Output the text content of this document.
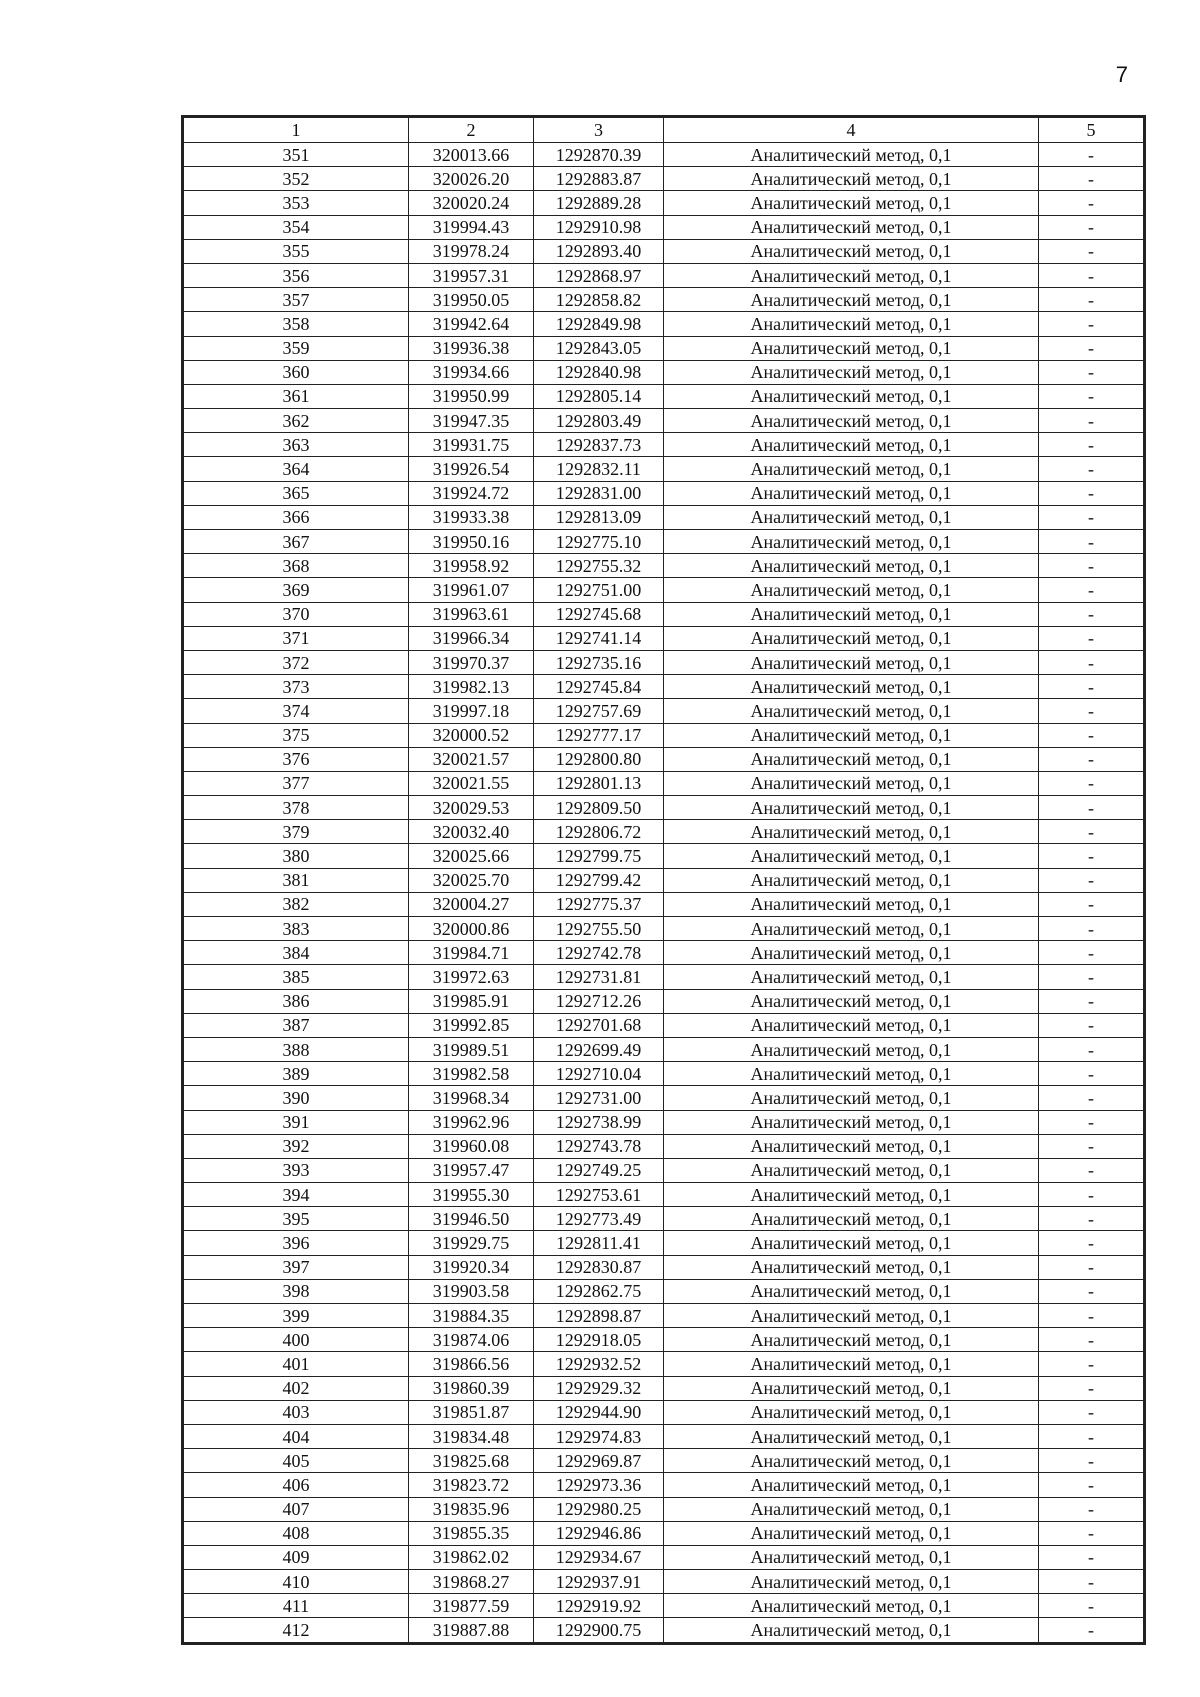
7
1	2	3	4	5
351	320013.66	1292870.39	Аналитический метод, 0,1	-
352	320026.20	1292883.87	Аналитический метод, 0,1	-
353	320020.24	1292889.28	Аналитический метод, 0,1	-
354	319994.43	1292910.98	Аналитический метод, 0,1	-
355	319978.24	1292893.40	Аналитический метод, 0,1	-
356	319957.31	1292868.97	Аналитический метод, 0,1	-
357	319950.05	1292858.82	Аналитический метод, 0,1	-
358	319942.64	1292849.98	Аналитический метод, 0,1	-
359	319936.38	1292843.05	Аналитический метод, 0,1	-
360	319934.66	1292840.98	Аналитический метод, 0,1	-
361	319950.99	1292805.14	Аналитический метод, 0,1	-
362	319947.35	1292803.49	Аналитический метод, 0,1	-
363	319931.75	1292837.73	Аналитический метод, 0,1	-
364	319926.54	1292832.11	Аналитический метод, 0,1	-
365	319924.72	1292831.00	Аналитический метод, 0,1	-
366	319933.38	1292813.09	Аналитический метод, 0,1	-
367	319950.16	1292775.10	Аналитический метод, 0,1	-
368	319958.92	1292755.32	Аналитический метод, 0,1	-
369	319961.07	1292751.00	Аналитический метод, 0,1	-
370	319963.61	1292745.68	Аналитический метод, 0,1	-
371	319966.34	1292741.14	Аналитический метод, 0,1	-
372	319970.37	1292735.16	Аналитический метод, 0,1	-
373	319982.13	1292745.84	Аналитический метод, 0,1	-
374	319997.18	1292757.69	Аналитический метод, 0,1	-
375	320000.52	1292777.17	Аналитический метод, 0,1	-
376	320021.57	1292800.80	Аналитический метод, 0,1	-
377	320021.55	1292801.13	Аналитический метод, 0,1	-
378	320029.53	1292809.50	Аналитический метод, 0,1	-
379	320032.40	1292806.72	Аналитический метод, 0,1	-
380	320025.66	1292799.75	Аналитический метод, 0,1	-
381	320025.70	1292799.42	Аналитический метод, 0,1	-
382	320004.27	1292775.37	Аналитический метод, 0,1	-
383	320000.86	1292755.50	Аналитический метод, 0,1	-
384	319984.71	1292742.78	Аналитический метод, 0,1	-
385	319972.63	1292731.81	Аналитический метод, 0,1	-
386	319985.91	1292712.26	Аналитический метод, 0,1	-
387	319992.85	1292701.68	Аналитический метод, 0,1	-
388	319989.51	1292699.49	Аналитический метод, 0,1	-
389	319982.58	1292710.04	Аналитический метод, 0,1	-
390	319968.34	1292731.00	Аналитический метод, 0,1	-
391	319962.96	1292738.99	Аналитический метод, 0,1	-
392	319960.08	1292743.78	Аналитический метод, 0,1	-
393	319957.47	1292749.25	Аналитический метод, 0,1	-
394	319955.30	1292753.61	Аналитический метод, 0,1	-
395	319946.50	1292773.49	Аналитический метод, 0,1	-
396	319929.75	1292811.41	Аналитический метод, 0,1	-
397	319920.34	1292830.87	Аналитический метод, 0,1	-
398	319903.58	1292862.75	Аналитический метод, 0,1	-
399	319884.35	1292898.87	Аналитический метод, 0,1	-
400	319874.06	1292918.05	Аналитический метод, 0,1	-
401	319866.56	1292932.52	Аналитический метод, 0,1	-
402	319860.39	1292929.32	Аналитический метод, 0,1	-
403	319851.87	1292944.90	Аналитический метод, 0,1	-
404	319834.48	1292974.83	Аналитический метод, 0,1	-
405	319825.68	1292969.87	Аналитический метод, 0,1	-
406	319823.72	1292973.36	Аналитический метод, 0,1	-
407	319835.96	1292980.25	Аналитический метод, 0,1	-
408	319855.35	1292946.86	Аналитический метод, 0,1	-
409	319862.02	1292934.67	Аналитический метод, 0,1	-
410	319868.27	1292937.91	Аналитический метод, 0,1	-
411	319877.59	1292919.92	Аналитический метод, 0,1	-
412	319887.88	1292900.75	Аналитический метод, 0,1	-
